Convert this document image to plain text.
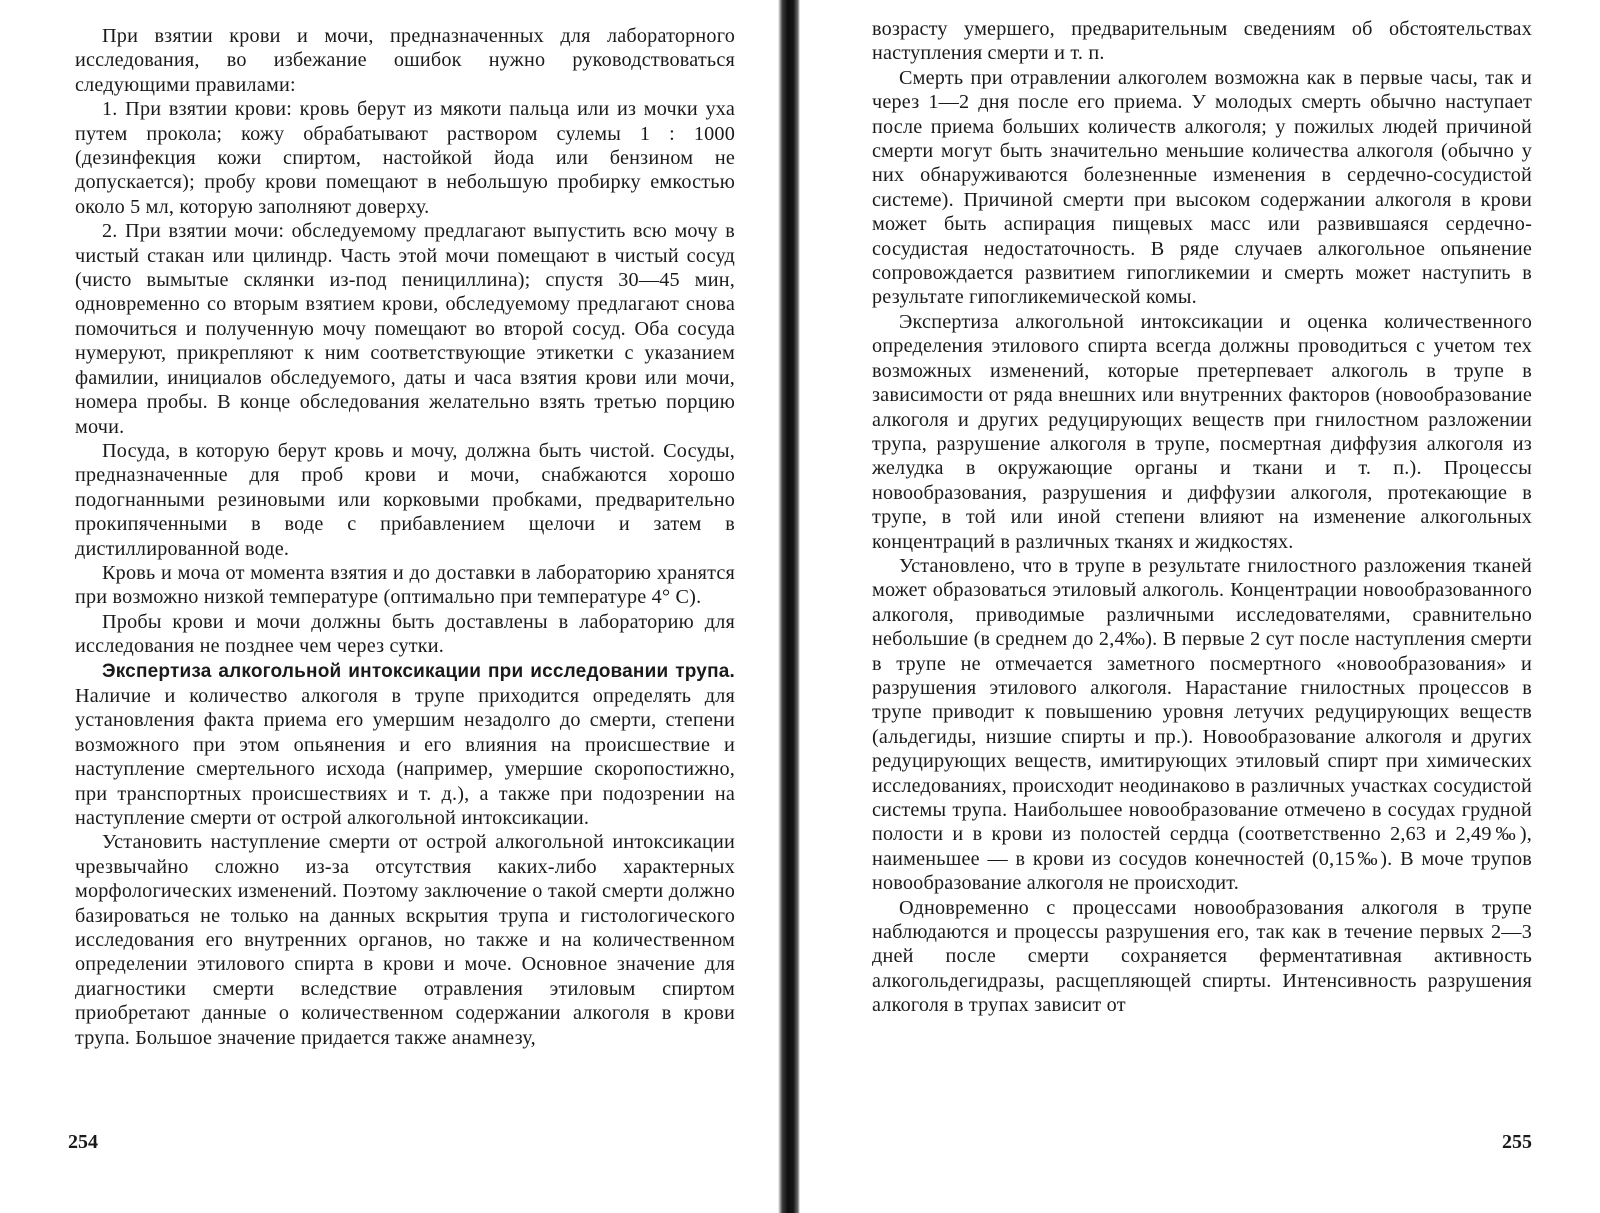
При взятии крови и мочи, предназначенных для лабораторного исследования, во избежание ошибок нужно руководствоваться следующими правилами:

1. При взятии крови: кровь берут из мякоти пальца или из мочки уха путем прокола; кожу обрабатывают раствором сулемы 1 : 1000 (дезинфекция кожи спиртом, настойкой йода или бензином не допускается); пробу крови помещают в небольшую пробирку емкостью около 5 мл, которую заполняют доверху.

2. При взятии мочи: обследуемому предлагают выпустить всю мочу в чистый стакан или цилиндр. Часть этой мочи помещают в чистый сосуд (чисто вымытые склянки из-под пенициллина); спустя 30—45 мин, одновременно со вторым взятием крови, обследуемому предлагают снова помочиться и полученную мочу помещают во второй сосуд. Оба сосуда нумеруют, прикрепляют к ним соответствующие этикетки с указанием фамилии, инициалов обследуемого, даты и часа взятия крови или мочи, номера пробы. В конце обследования желательно взять третью порцию мочи.

Посуда, в которую берут кровь и мочу, должна быть чистой. Сосуды, предназначенные для проб крови и мочи, снабжаются хорошо подогнанными резиновыми или корковыми пробками, предварительно прокипяченными в воде с прибавлением щелочи и затем в дистиллированной воде.

Кровь и моча от момента взятия и до доставки в лабораторию хранятся при возможно низкой температуре (оптимально при температуре 4° С).

Пробы крови и мочи должны быть доставлены в лабораторию для исследования не позднее чем через сутки.

Экспертиза алкогольной интоксикации при исследовании трупа. Наличие и количество алкоголя в трупе приходится определять для установления факта приема его умершим незадолго до смерти, степени возможного при этом опьянения и его влияния на происшествие и наступление смертельного исхода (например, умершие скоропостижно, при транспортных происшествиях и т. д.), а также при подозрении на наступление смерти от острой алкогольной интоксикации.

Установить наступление смерти от острой алкогольной интоксикации чрезвычайно сложно из-за отсутствия каких-либо характерных морфологических изменений. Поэтому заключение о такой смерти должно базироваться не только на данных вскрытия трупа и гистологического исследования его внутренних органов, но также и на количественном определении этилового спирта в крови и моче. Основное значение для диагностики смерти вследствие отравления этиловым спиртом приобретают данные о количественном содержании алкоголя в крови трупа. Большое значение придается также анамнезу,

254

возрасту умершего, предварительным сведениям об обстоятельствах наступления смерти и т. п.

Смерть при отравлении алкоголем возможна как в первые часы, так и через 1—2 дня после его приема. У молодых смерть обычно наступает после приема больших количеств алкоголя; у пожилых людей причиной смерти могут быть значительно меньшие количества алкоголя (обычно у них обнаруживаются болезненные изменения в сердечно-сосудистой системе). Причиной смерти при высоком содержании алкоголя в крови может быть аспирация пищевых масс или развившаяся сердечно-сосудистая недостаточность. В ряде случаев алкогольное опьянение сопровождается развитием гипогликемии и смерть может наступить в результате гипогликемической комы.

Экспертиза алкогольной интоксикации и оценка количественного определения этилового спирта всегда должны проводиться с учетом тех возможных изменений, которые претерпевает алкоголь в трупе в зависимости от ряда внешних или внутренних факторов (новообразование алкоголя и других редуцирующих веществ при гнилостном разложении трупа, разрушение алкоголя в трупе, посмертная диффузия алкоголя из желудка в окружающие органы и ткани и т. п.). Процессы новообразования, разрушения и диффузии алкоголя, протекающие в трупе, в той или иной степени влияют на изменение алкогольных концентраций в различных тканях и жидкостях.

Установлено, что в трупе в результате гнилостного разложения тканей может образоваться этиловый алкоголь. Концентрации новообразованного алкоголя, приводимые различными исследователями, сравнительно небольшие (в среднем до 2,4‰). В первые 2 сут после наступления смерти в трупе не отмечается заметного посмертного «новообразования» и разрушения этилового алкоголя. Нарастание гнилостных процессов в трупе приводит к повышению уровня летучих редуцирующих веществ (альдегиды, низшие спирты и пр.). Новообразование алкоголя и других редуцирующих веществ, имитирующих этиловый спирт при химических исследованиях, происходит неодинаково в различных участках сосудистой системы трупа. Наибольшее новообразование отмечено в сосудах грудной полости и в крови из полостей сердца (соответственно 2,63 и 2,49‰), наименьшее — в крови из сосудов конечностей (0,15‰). В моче трупов новообразование алкоголя не происходит.

Одновременно с процессами новообразования алкоголя в трупе наблюдаются и процессы разрушения его, так как в течение первых 2—3 дней после смерти сохраняется ферментативная активность алкогольдегидразы, расщепляющей спирты. Интенсивность разрушения алкоголя в трупах зависит от

255
